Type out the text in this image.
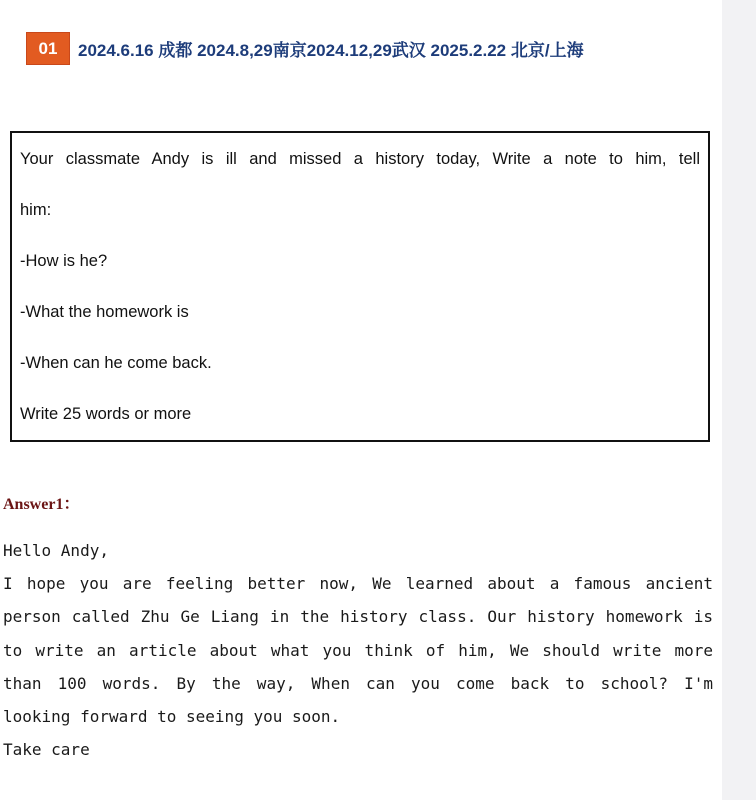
01	2024.6.16 成都 2024.8,29南京2024.12,29武汉 2025.2.22 北京/上海

Your classmate Andy is ill and missed a history today, Write a note to him, tell

him:

-How is he?

-What the homework is

-When can he come back.

Write 25 words or more

Answer1：

Hello Andy,

I hope you are feeling better now, We learned about a famous ancient

person called Zhu Ge Liang in the history class. Our history homework is

to write an article about what you think of him, We should write more

than 100 words. By the way, When can you come back to school? I'm

looking forward to seeing you soon.

Take care
